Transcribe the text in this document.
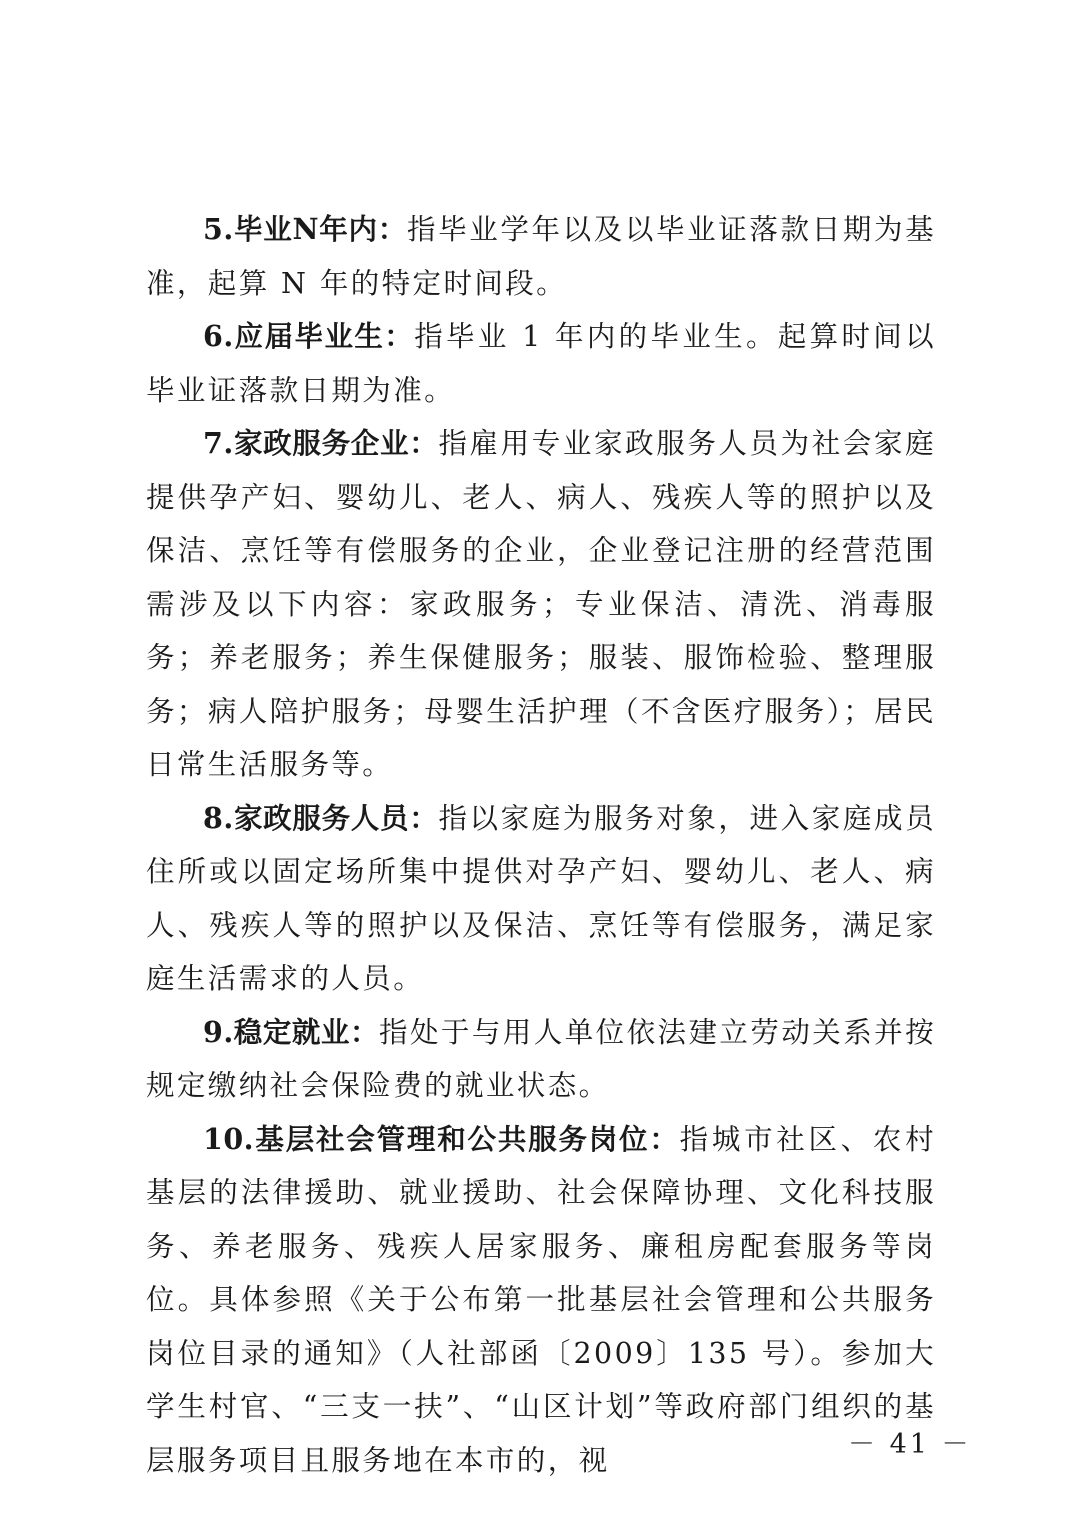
5.毕业N年内：指毕业学年以及以毕业证落款日期为基准，起算 N 年的特定时间段。

6.应届毕业生：指毕业 1 年内的毕业生。起算时间以毕业证落款日期为准。

7.家政服务企业：指雇用专业家政服务人员为社会家庭提供孕产妇、婴幼儿、老人、病人、残疾人等的照护以及保洁、烹饪等有偿服务的企业，企业登记注册的经营范围需涉及以下内容：家政服务；专业保洁、清洗、消毒服务；养老服务；养生保健服务；服装、服饰检验、整理服务；病人陪护服务；母婴生活护理（不含医疗服务）；居民日常生活服务等。

8.家政服务人员：指以家庭为服务对象，进入家庭成员住所或以固定场所集中提供对孕产妇、婴幼儿、老人、病人、残疾人等的照护以及保洁、烹饪等有偿服务，满足家庭生活需求的人员。

9.稳定就业：指处于与用人单位依法建立劳动关系并按规定缴纳社会保险费的就业状态。

10.基层社会管理和公共服务岗位：指城市社区、农村基层的法律援助、就业援助、社会保障协理、文化科技服务、养老服务、残疾人居家服务、廉租房配套服务等岗位。具体参照《关于公布第一批基层社会管理和公共服务岗位目录的通知》（人社部函〔2009〕135 号）。参加大学生村官、“三支一扶”、“山区计划”等政府部门组织的基层服务项目且服务地在本市的，视	－ 41 －
